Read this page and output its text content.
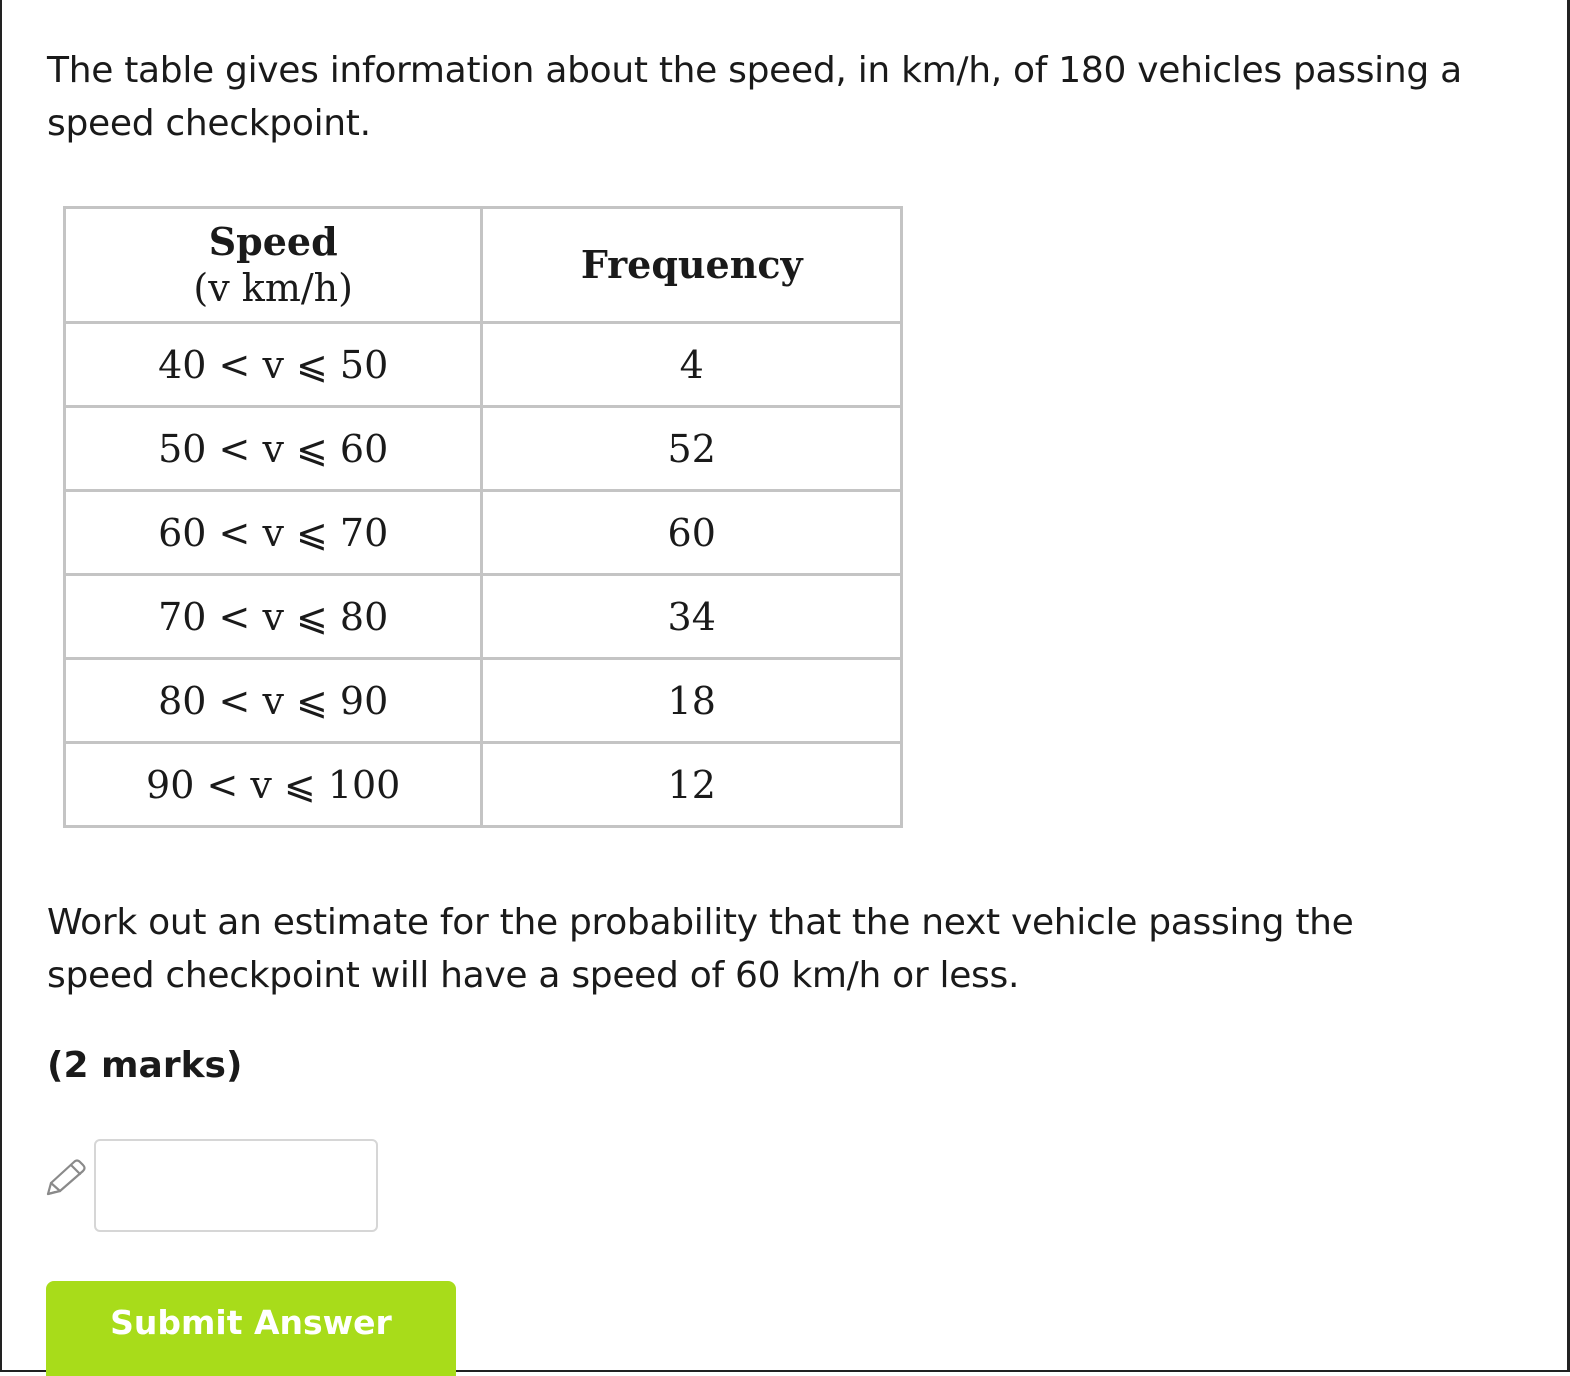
The table gives information about the speed, in km/h, of 180 vehicles passing a
speed checkpoint.
Speed
(v km/h)	Frequency
40 < v ⩽ 50	4
50 < v ⩽ 60	52
60 < v ⩽ 70	60
70 < v ⩽ 80	34
80 < v ⩽ 90	18
90 < v ⩽ 100	12
Work out an estimate for the probability that the next vehicle passing the
speed checkpoint will have a speed of 60 km/h or less.
(2 marks)
Submit Answer
